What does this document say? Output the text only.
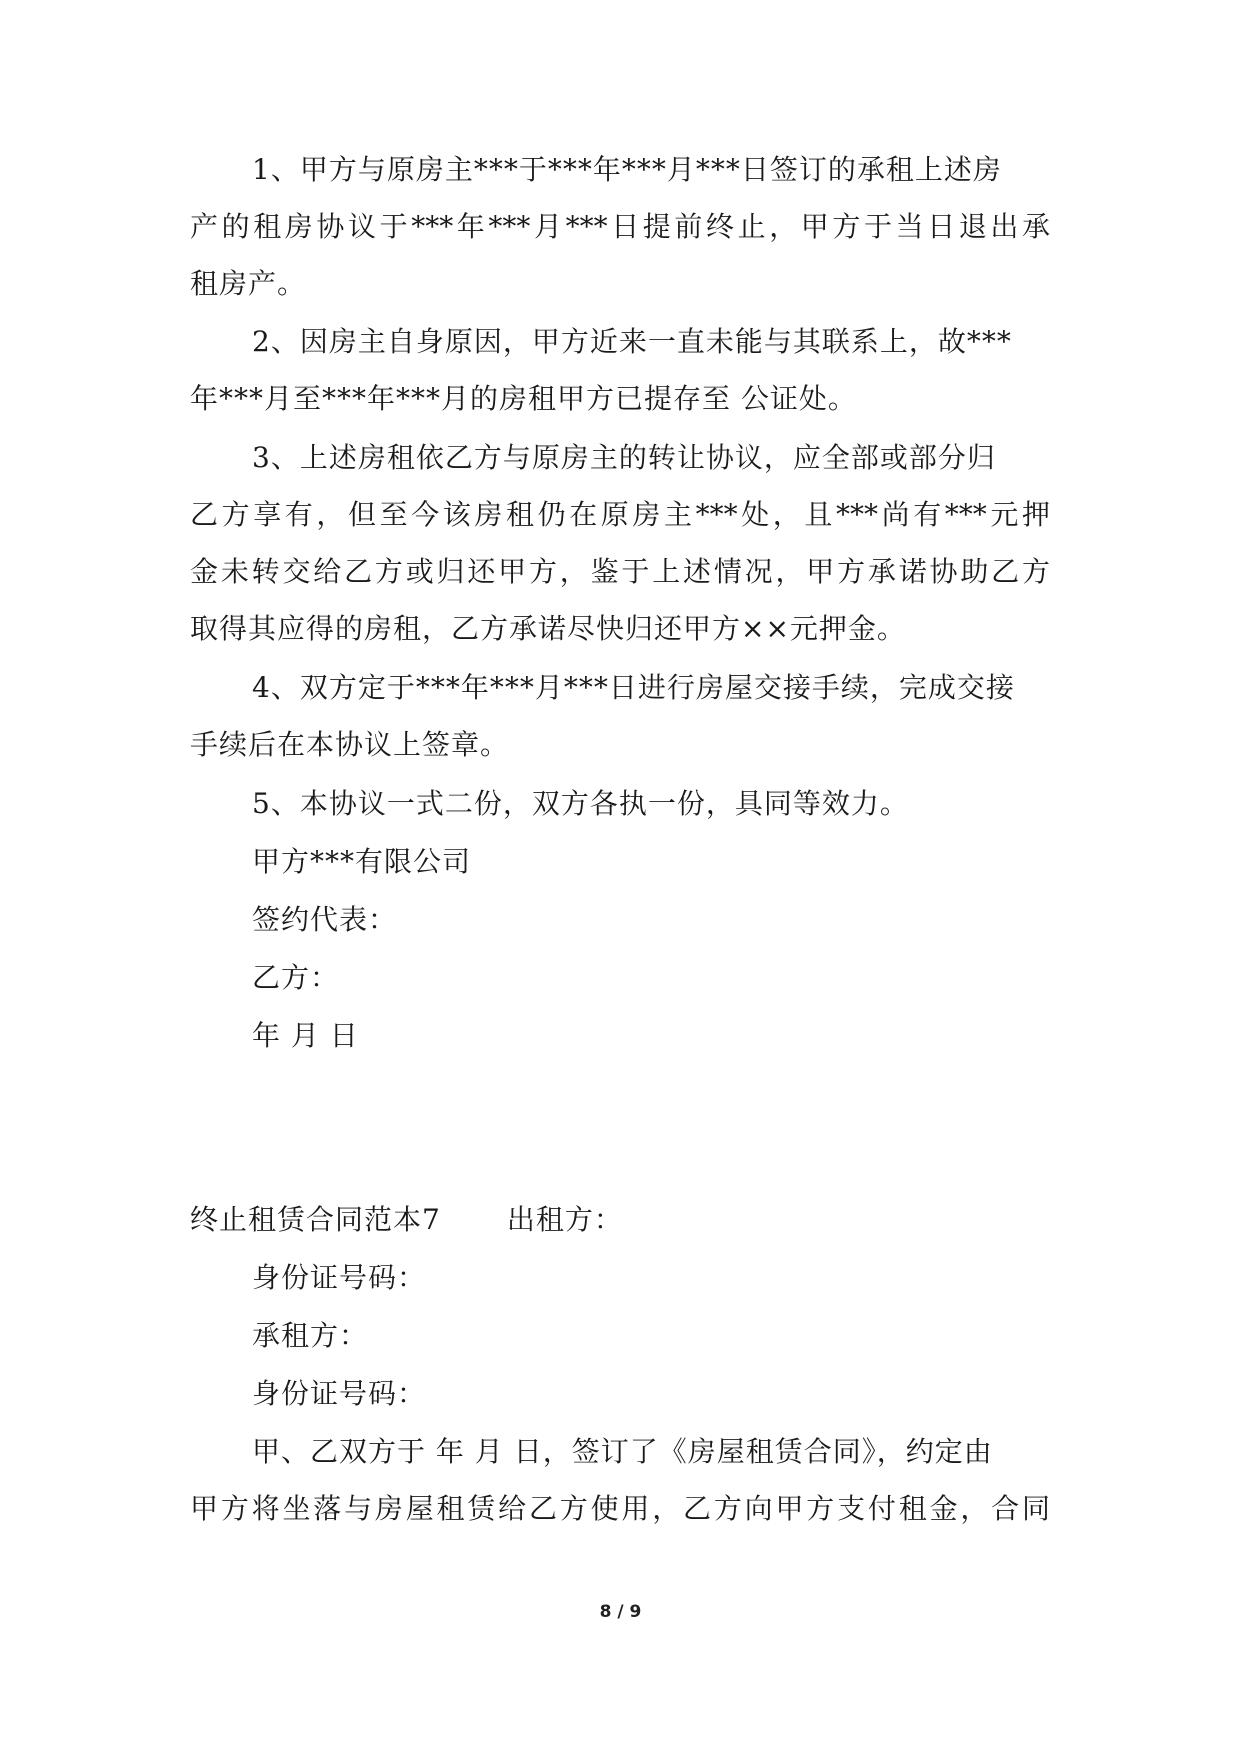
1、甲方与原房主***于***年***月***日签订的承租上述房
产的租房协议于***年***月***日提前终止，甲方于当日退出承
租房产。
2、因房主自身原因，甲方近来一直未能与其联系上，故***
年***月至***年***月的房租甲方已提存至 公证处。
3、上述房租依乙方与原房主的转让协议，应全部或部分归
乙方享有，但至今该房租仍在原房主***处，且***尚有***元押
金未转交给乙方或归还甲方，鉴于上述情况，甲方承诺协助乙方
取得其应得的房租，乙方承诺尽快归还甲方××元押金。
4、双方定于***年***月***日进行房屋交接手续，完成交接
手续后在本协议上签章。
5、本协议一式二份，双方各执一份，具同等效力。
甲方***有限公司
签约代表：
乙方：
年 月 日
终止租赁合同范本7 出租方：
身份证号码：
承租方：
身份证号码：
甲、乙双方于 年 月 日，签订了《房屋租赁合同》，约定由
甲方将坐落与房屋租赁给乙方使用，乙方向甲方支付租金，合同
8 / 9
